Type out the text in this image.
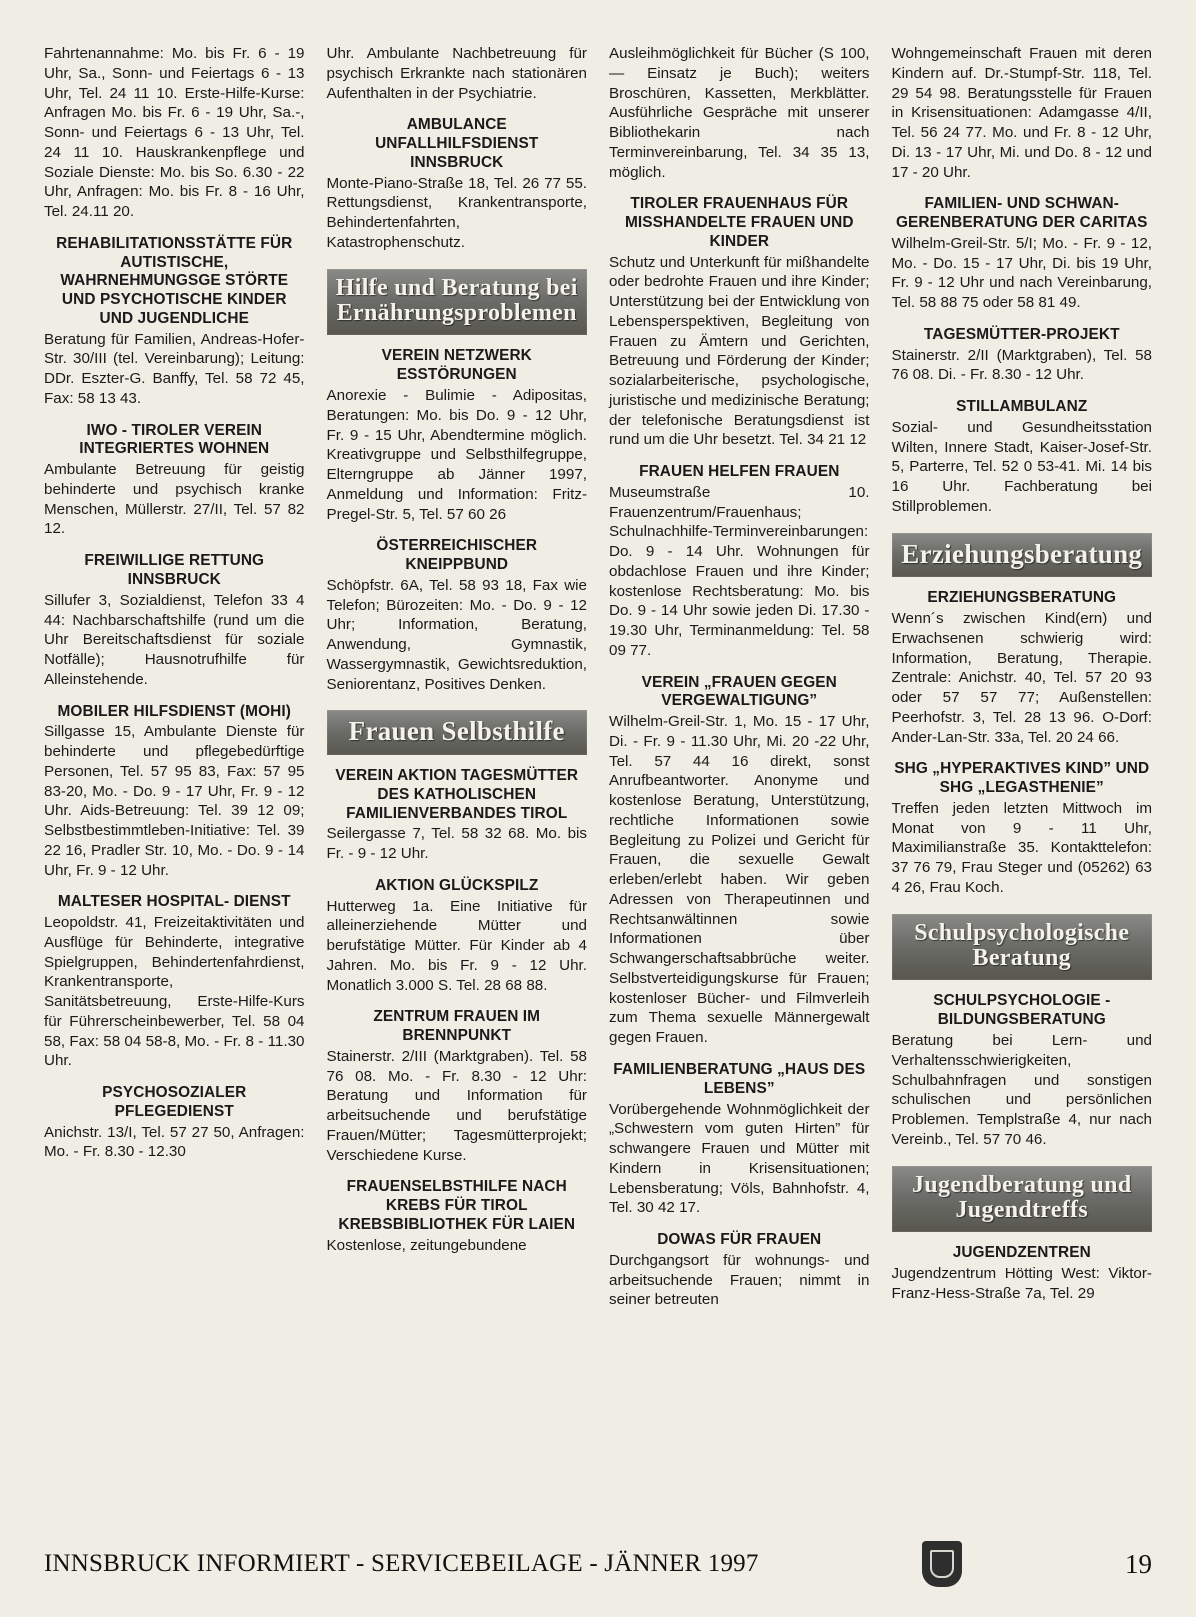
Fahrtenannahme: Mo. bis Fr. 6 - 19 Uhr, Sa., Sonn- und Feiertags 6 - 13 Uhr, Tel. 24 11 10. Erste-Hilfe-Kurse: Anfragen Mo. bis Fr. 6 - 19 Uhr, Sa.-, Sonn- und Feiertags 6 - 13 Uhr, Tel. 24 11 10. Hauskrankenpflege und Soziale Dienste: Mo. bis So. 6.30 - 22 Uhr, Anfragen: Mo. bis Fr. 8 - 16 Uhr, Tel. 24.11 20.

REHABILITATIONSSTÄTTE FÜR AUTISTISCHE, WAHRNEHMUNGSGE STÖRTE UND PSYCHOTISCHE KINDER UND JUGENDLICHE

Beratung für Familien, Andreas-Hofer-Str. 30/III (tel. Vereinbarung); Leitung: DDr. Eszter-G. Banffy, Tel. 58 72 45, Fax: 58 13 43.

IWO - TIROLER VEREIN INTEGRIERTES WOHNEN

Ambulante Betreuung für geistig behinderte und psychisch kranke Menschen, Müllerstr. 27/II, Tel. 57 82 12.

FREIWILLIGE RETTUNG INNSBRUCK

Sillufer 3, Sozialdienst, Telefon 33 4 44: Nachbarschaftshilfe (rund um die Uhr Bereitschaftsdienst für soziale Notfälle); Hausnotrufhilfe für Alleinstehende.

MOBILER HILFSDIENST (MOHI)

Sillgasse 15, Ambulante Dienste für behinderte und pflegebedürftige Personen, Tel. 57 95 83, Fax: 57 95 83-20, Mo. - Do. 9 - 17 Uhr, Fr. 9 - 12 Uhr. Aids-Betreuung: Tel. 39 12 09; Selbstbestimmtleben-Initiative: Tel. 39 22 16, Pradler Str. 10, Mo. - Do. 9 - 14 Uhr, Fr. 9 - 12 Uhr.

MALTESER HOSPITAL- DIENST

Leopoldstr. 41, Freizeitaktivitäten und Ausflüge für Behinderte, integrative Spielgruppen, Behindertenfahrdienst, Krankentransporte, Sanitätsbetreuung, Erste-Hilfe-Kurs für Führerscheinbewerber, Tel. 58 04 58, Fax: 58 04 58-8, Mo. - Fr. 8 - 11.30 Uhr.

PSYCHOSOZIALER PFLEGEDIENST

Anichstr. 13/I, Tel. 57 27 50, Anfragen: Mo. - Fr. 8.30 - 12.30

Uhr. Ambulante Nachbetreuung für psychisch Erkrankte nach stationären Aufenthalten in der Psychiatrie.

AMBULANCE UNFALLHILFSDIENST INNSBRUCK

Monte-Piano-Straße 18, Tel. 26 77 55. Rettungsdienst, Krankentransporte, Behindertenfahrten, Katastrophenschutz.

Hilfe und Beratung bei Ernährungsproblemen
VEREIN NETZWERK ESSTÖRUNGEN

Anorexie - Bulimie - Adipositas, Beratungen: Mo. bis Do. 9 - 12 Uhr, Fr. 9 - 15 Uhr, Abendtermine möglich. Kreativgruppe und Selbsthilfegruppe, Elterngruppe ab Jänner 1997, Anmeldung und Information: Fritz-Pregel-Str. 5, Tel. 57 60 26

ÖSTERREICHISCHER KNEIPPBUND

Schöpfstr. 6A, Tel. 58 93 18, Fax wie Telefon; Bürozeiten: Mo. - Do. 9 - 12 Uhr; Information, Beratung, Anwendung, Gymnastik, Wassergymnastik, Gewichtsreduktion, Seniorentanz, Positives Denken.

Frauen Selbsthilfe
VEREIN AKTION TAGESMÜTTER DES KATHOLISCHEN FAMILIENVERBANDES TIROL

Seilergasse 7, Tel. 58 32 68. Mo. bis Fr. - 9 - 12 Uhr.

AKTION GLÜCKSPILZ

Hutterweg 1a. Eine Initiative für alleinerziehende Mütter und berufstätige Mütter. Für Kinder ab 4 Jahren. Mo. bis Fr. 9 - 12 Uhr. Monatlich 3.000 S. Tel. 28 68 88.

ZENTRUM FRAUEN IM BRENNPUNKT

Stainerstr. 2/III (Marktgraben). Tel. 58 76 08. Mo. - Fr. 8.30 - 12 Uhr: Beratung und Information für arbeitsuchende und berufstätige Frauen/Mütter; Tagesmütterprojekt; Verschiedene Kurse.

FRAUENSELBSTHILFE NACH KREBS FÜR TIROL KREBSBIBLIOTHEK FÜR LAIEN

Kostenlose, zeitungebundene

Ausleihmöglichkeit für Bücher (S 100,— Einsatz je Buch); weiters Broschüren, Kassetten, Merkblätter. Ausführliche Gespräche mit unserer Bibliothekarin nach Terminvereinbarung, Tel. 34 35 13, möglich.

TIROLER FRAUENHAUS FÜR MISSHANDELTE FRAUEN UND KINDER

Schutz und Unterkunft für mißhandelte oder bedrohte Frauen und ihre Kinder; Unterstützung bei der Entwicklung von Lebensperspektiven, Begleitung von Frauen zu Ämtern und Gerichten, Betreuung und Förderung der Kinder; sozialarbeiterische, psychologische, juristische und medizinische Beratung; der telefonische Beratungsdienst ist rund um die Uhr besetzt. Tel. 34 21 12

FRAUEN HELFEN FRAUEN

Museumstraße 10. Frauenzentrum/Frauenhaus; Schulnachhilfe-Terminvereinbarungen: Do. 9 - 14 Uhr. Wohnungen für obdachlose Frauen und ihre Kinder; kostenlose Rechtsberatung: Mo. bis Do. 9 - 14 Uhr sowie jeden Di. 17.30 - 19.30 Uhr, Terminanmeldung: Tel. 58 09 77.

VEREIN „FRAUEN GEGEN VERGEWALTIGUNG”

Wilhelm-Greil-Str. 1, Mo. 15 - 17 Uhr, Di. - Fr. 9 - 11.30 Uhr, Mi. 20 -22 Uhr, Tel. 57 44 16 direkt, sonst Anrufbeantworter. Anonyme und kostenlose Beratung, Unterstützung, rechtliche Informationen sowie Begleitung zu Polizei und Gericht für Frauen, die sexuelle Gewalt erleben/erlebt haben. Wir geben Adressen von Therapeutinnen und Rechtsanwältinnen sowie Informationen über Schwangerschaftsabbrüche weiter. Selbstverteidigungskurse für Frauen; kostenloser Bücher- und Filmverleih zum Thema sexuelle Männergewalt gegen Frauen.

FAMILIENBERATUNG „HAUS DES LEBENS”

Vorübergehende Wohnmöglichkeit der „Schwestern vom guten Hirten” für schwangere Frauen und Mütter mit Kindern in Krisensituationen; Lebensberatung; Völs, Bahnhofstr. 4, Tel. 30 42 17.

DOWAS FÜR FRAUEN

Durchgangsort für wohnungs- und arbeitsuchende Frauen; nimmt in seiner betreuten

Wohngemeinschaft Frauen mit deren Kindern auf. Dr.-Stumpf-Str. 118, Tel. 29 54 98. Beratungsstelle für Frauen in Krisensituationen: Adamgasse 4/II, Tel. 56 24 77. Mo. und Fr. 8 - 12 Uhr, Di. 13 - 17 Uhr, Mi. und Do. 8 - 12 und 17 - 20 Uhr.

FAMILIEN- UND SCHWAN- GERENBERATUNG DER CARITAS

Wilhelm-Greil-Str. 5/I; Mo. - Fr. 9 - 12, Mo. - Do. 15 - 17 Uhr, Di. bis 19 Uhr, Fr. 9 - 12 Uhr und nach Vereinbarung, Tel. 58 88 75 oder 58 81 49.

TAGESMÜTTER-PROJEKT

Stainerstr. 2/II (Marktgraben), Tel. 58 76 08. Di. - Fr. 8.30 - 12 Uhr.

STILLAMBULANZ

Sozial- und Gesundheitsstation Wilten, Innere Stadt, Kaiser-Josef-Str. 5, Parterre, Tel. 52 0 53-41. Mi. 14 bis 16 Uhr. Fachberatung bei Stillproblemen.

Erziehungsberatung
ERZIEHUNGSBERATUNG

Wenn´s zwischen Kind(ern) und Erwachsenen schwierig wird: Information, Beratung, Therapie. Zentrale: Anichstr. 40, Tel. 57 20 93 oder 57 57 77; Außenstellen: Peerhofstr. 3, Tel. 28 13 96. O-Dorf: Ander-Lan-Str. 33a, Tel. 20 24 66.

SHG „HYPERAKTIVES KIND” UND SHG „LEGASTHENIE”

Treffen jeden letzten Mittwoch im Monat von 9 - 11 Uhr, Maximilianstraße 35. Kontakttelefon: 37 76 79, Frau Steger und (05262) 63 4 26, Frau Koch.

Schulpsychologische Beratung
SCHULPSYCHOLOGIE - BILDUNGSBERATUNG

Beratung bei Lern- und Verhaltensschwierigkeiten, Schulbahnfragen und sonstigen schulischen und persönlichen Problemen. Templstraße 4, nur nach Vereinb., Tel. 57 70 46.

Jugendberatung und Jugendtreffs
JUGENDZENTREN

Jugendzentrum Hötting West: Viktor-Franz-Hess-Straße 7a, Tel. 29

INNSBRUCK INFORMIERT - SERVICEBEILAGE - JÄNNER 1997	19
